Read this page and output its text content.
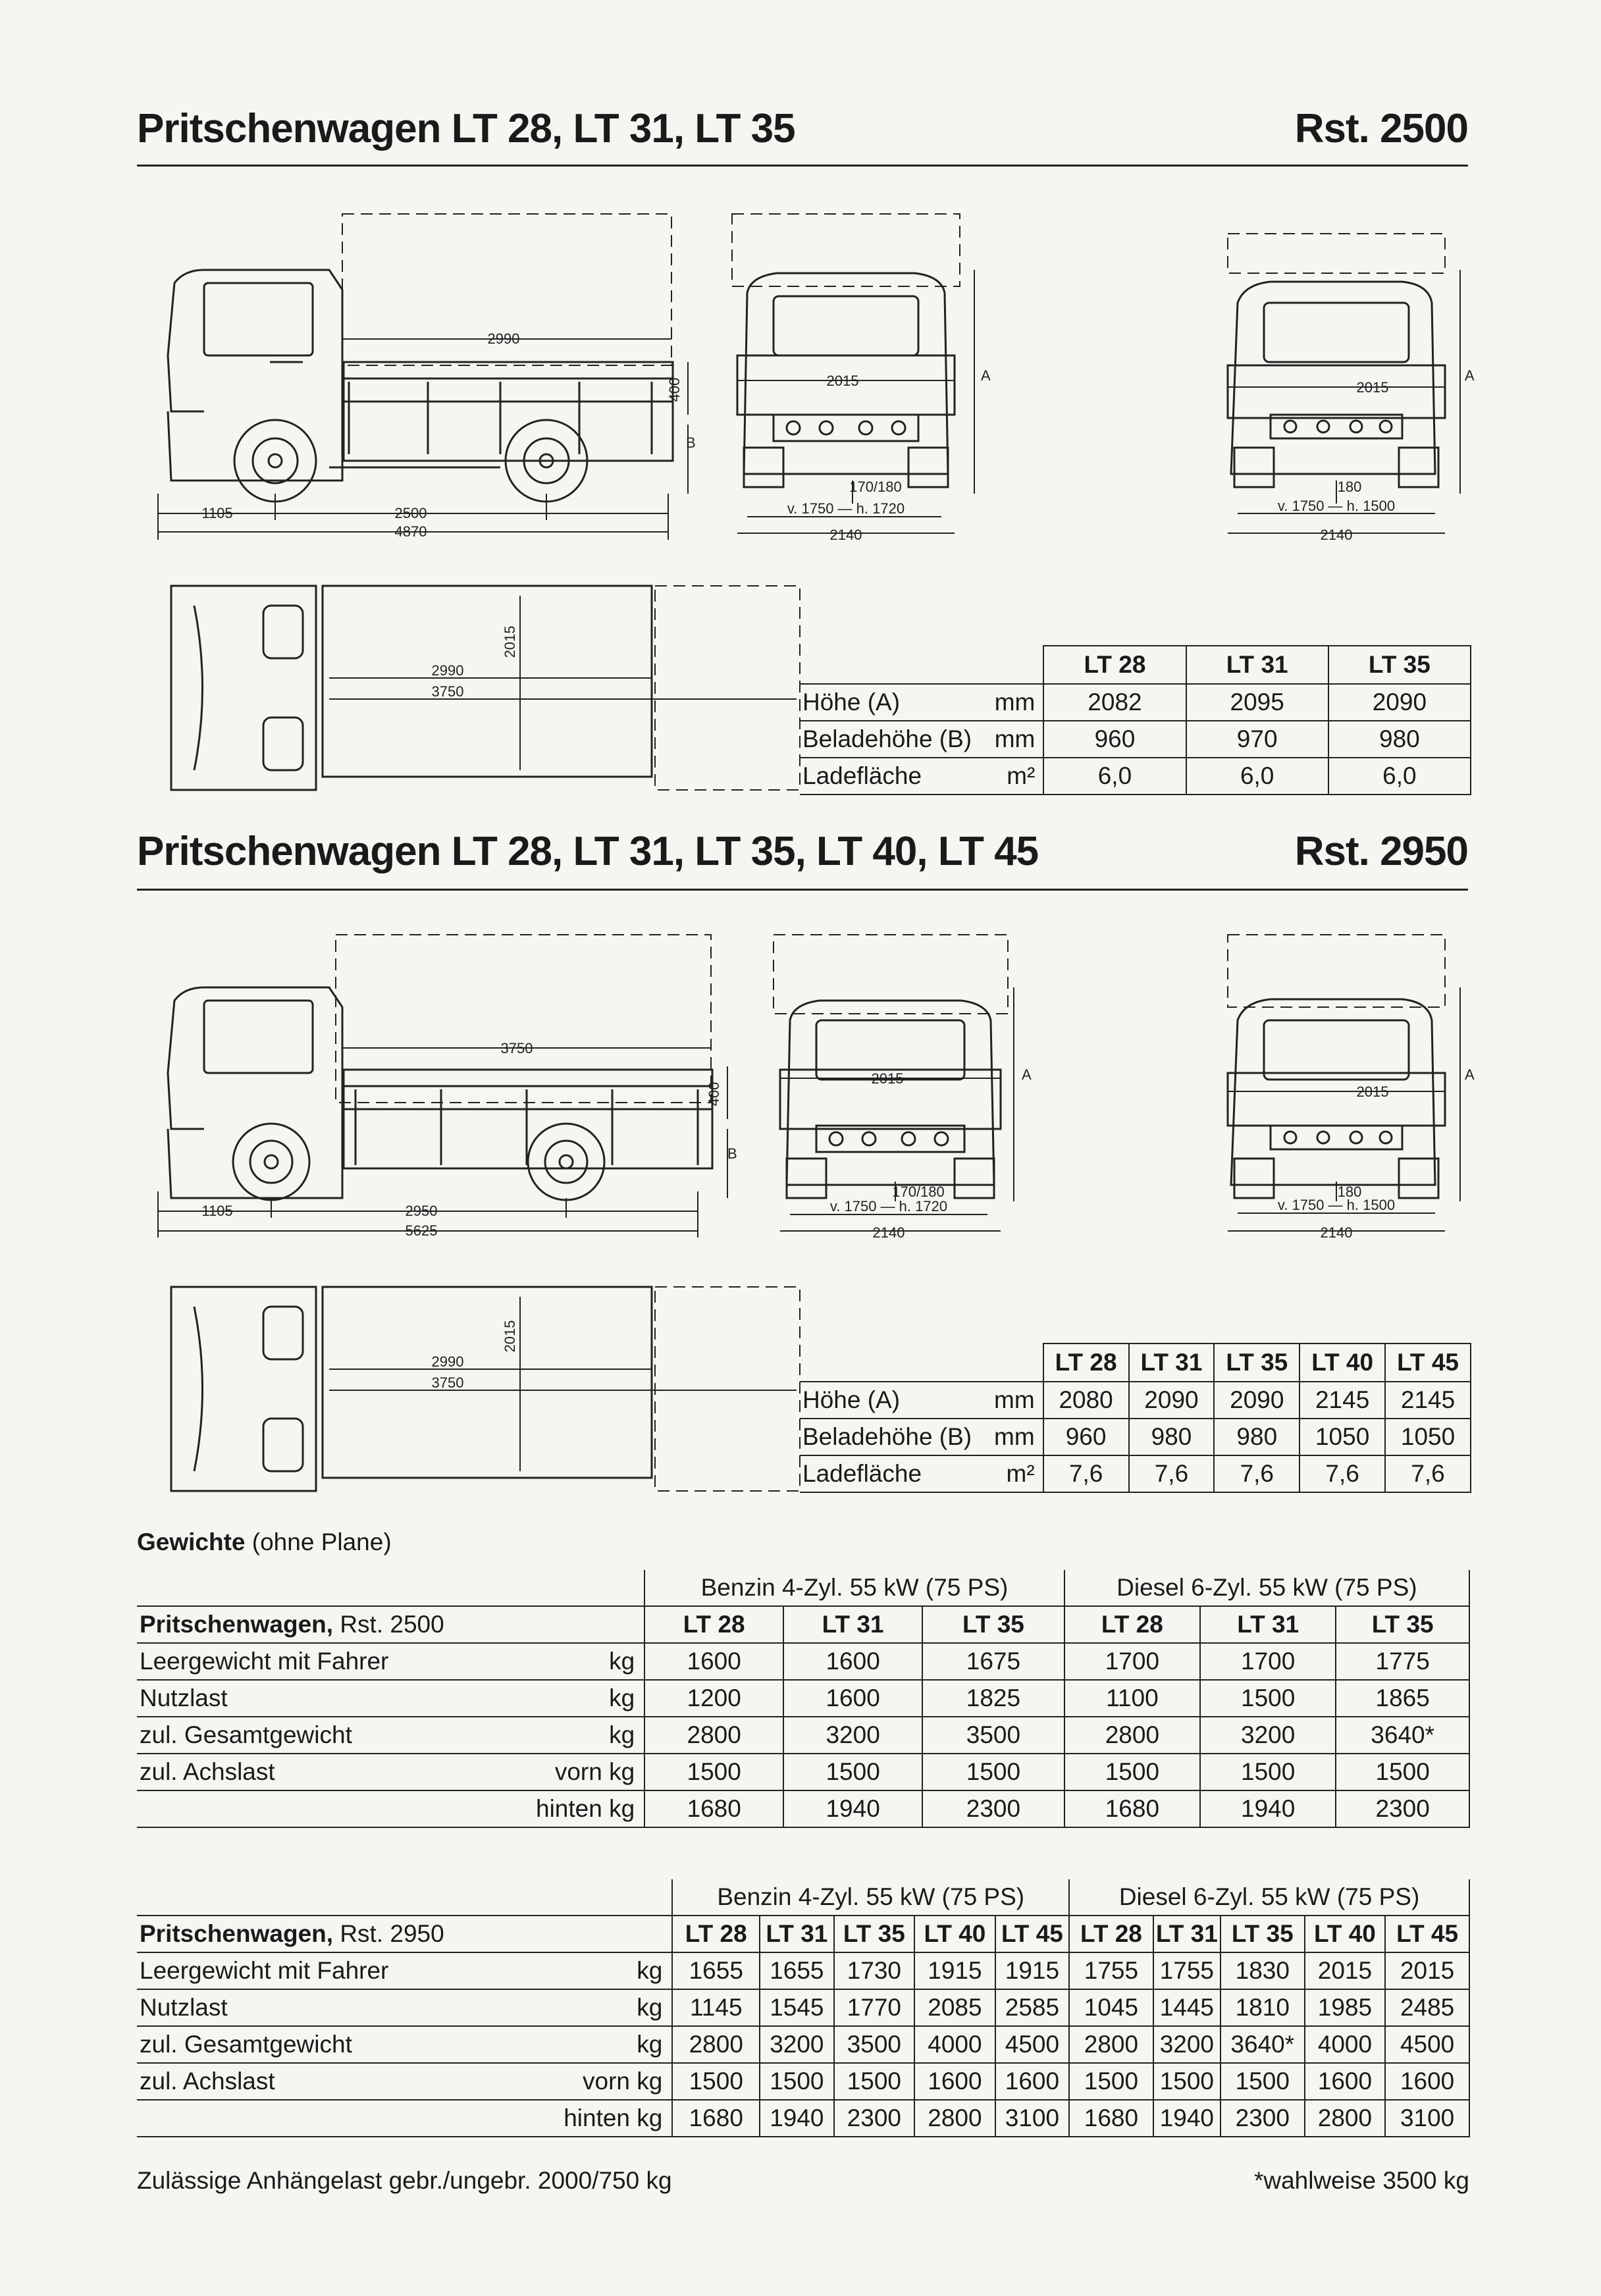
Pritschenwagen LT 28, LT 31, LT 35	Rst. 2500
2990
400
B
1105	2500
4870
2015	A
170/180
v. 1750 — h. 1720
2140
2015
A
180
v. 1750 — h. 1500
2140
2990
3750
2015
		LT 28	LT 31	LT 35
Höhe (A)	mm	2082	2095	2090
Beladehöhe (B)	mm	960	970	980
Ladefläche	m²	6,0	6,0	6,0
Pritschenwagen LT 28, LT 31, LT 35, LT 40, LT 45	Rst. 2950
3750
400
B
1105	2950
5625
2015	A
170/180
v. 1750 — h. 1720
2140
2015
A
180
v. 1750 — h. 1500
2140
2990
3750
2015
		LT 28	LT 31	LT 35	LT 40	LT 45
Höhe (A)	mm	2080	2090	2090	2145	2145
Beladehöhe (B)	mm	960	980	980	1050	1050
Ladefläche	m²	7,6	7,6	7,6	7,6	7,6
Gewichte (ohne Plane)
		Benzin 4-Zyl. 55 kW (75 PS)			Diesel 6-Zyl. 55 kW (75 PS)		
Pritschenwagen, Rst. 2500		LT 28	LT 31	LT 35	LT 28	LT 31	LT 35
Leergewicht mit Fahrer	kg	1600	1600	1675	1700	1700	1775
Nutzlast	kg	1200	1600	1825	1100	1500	1865
zul. Gesamtgewicht	kg	2800	3200	3500	2800	3200	3640*
zul. Achslast	vorn kg	1500	1500	1500	1500	1500	1500
	hinten kg	1680	1940	2300	1680	1940	2300
		Benzin 4-Zyl. 55 kW (75 PS)					Diesel 6-Zyl. 55 kW (75 PS)				
Pritschenwagen, Rst. 2950		LT 28	LT 31	LT 35	LT 40	LT 45	LT 28	LT 31	LT 35	LT 40	LT 45
Leergewicht mit Fahrer	kg	1655	1655	1730	1915	1915	1755	1755	1830	2015	2015
Nutzlast	kg	1145	1545	1770	2085	2585	1045	1445	1810	1985	2485
zul. Gesamtgewicht	kg	2800	3200	3500	4000	4500	2800	3200	3640*	4000	4500
zul. Achslast	vorn kg	1500	1500	1500	1600	1600	1500	1500	1500	1600	1600
	hinten kg	1680	1940	2300	2800	3100	1680	1940	2300	2800	3100
Zulässige Anhängelast gebr./ungebr. 2000/750 kg	*wahlweise 3500 kg
